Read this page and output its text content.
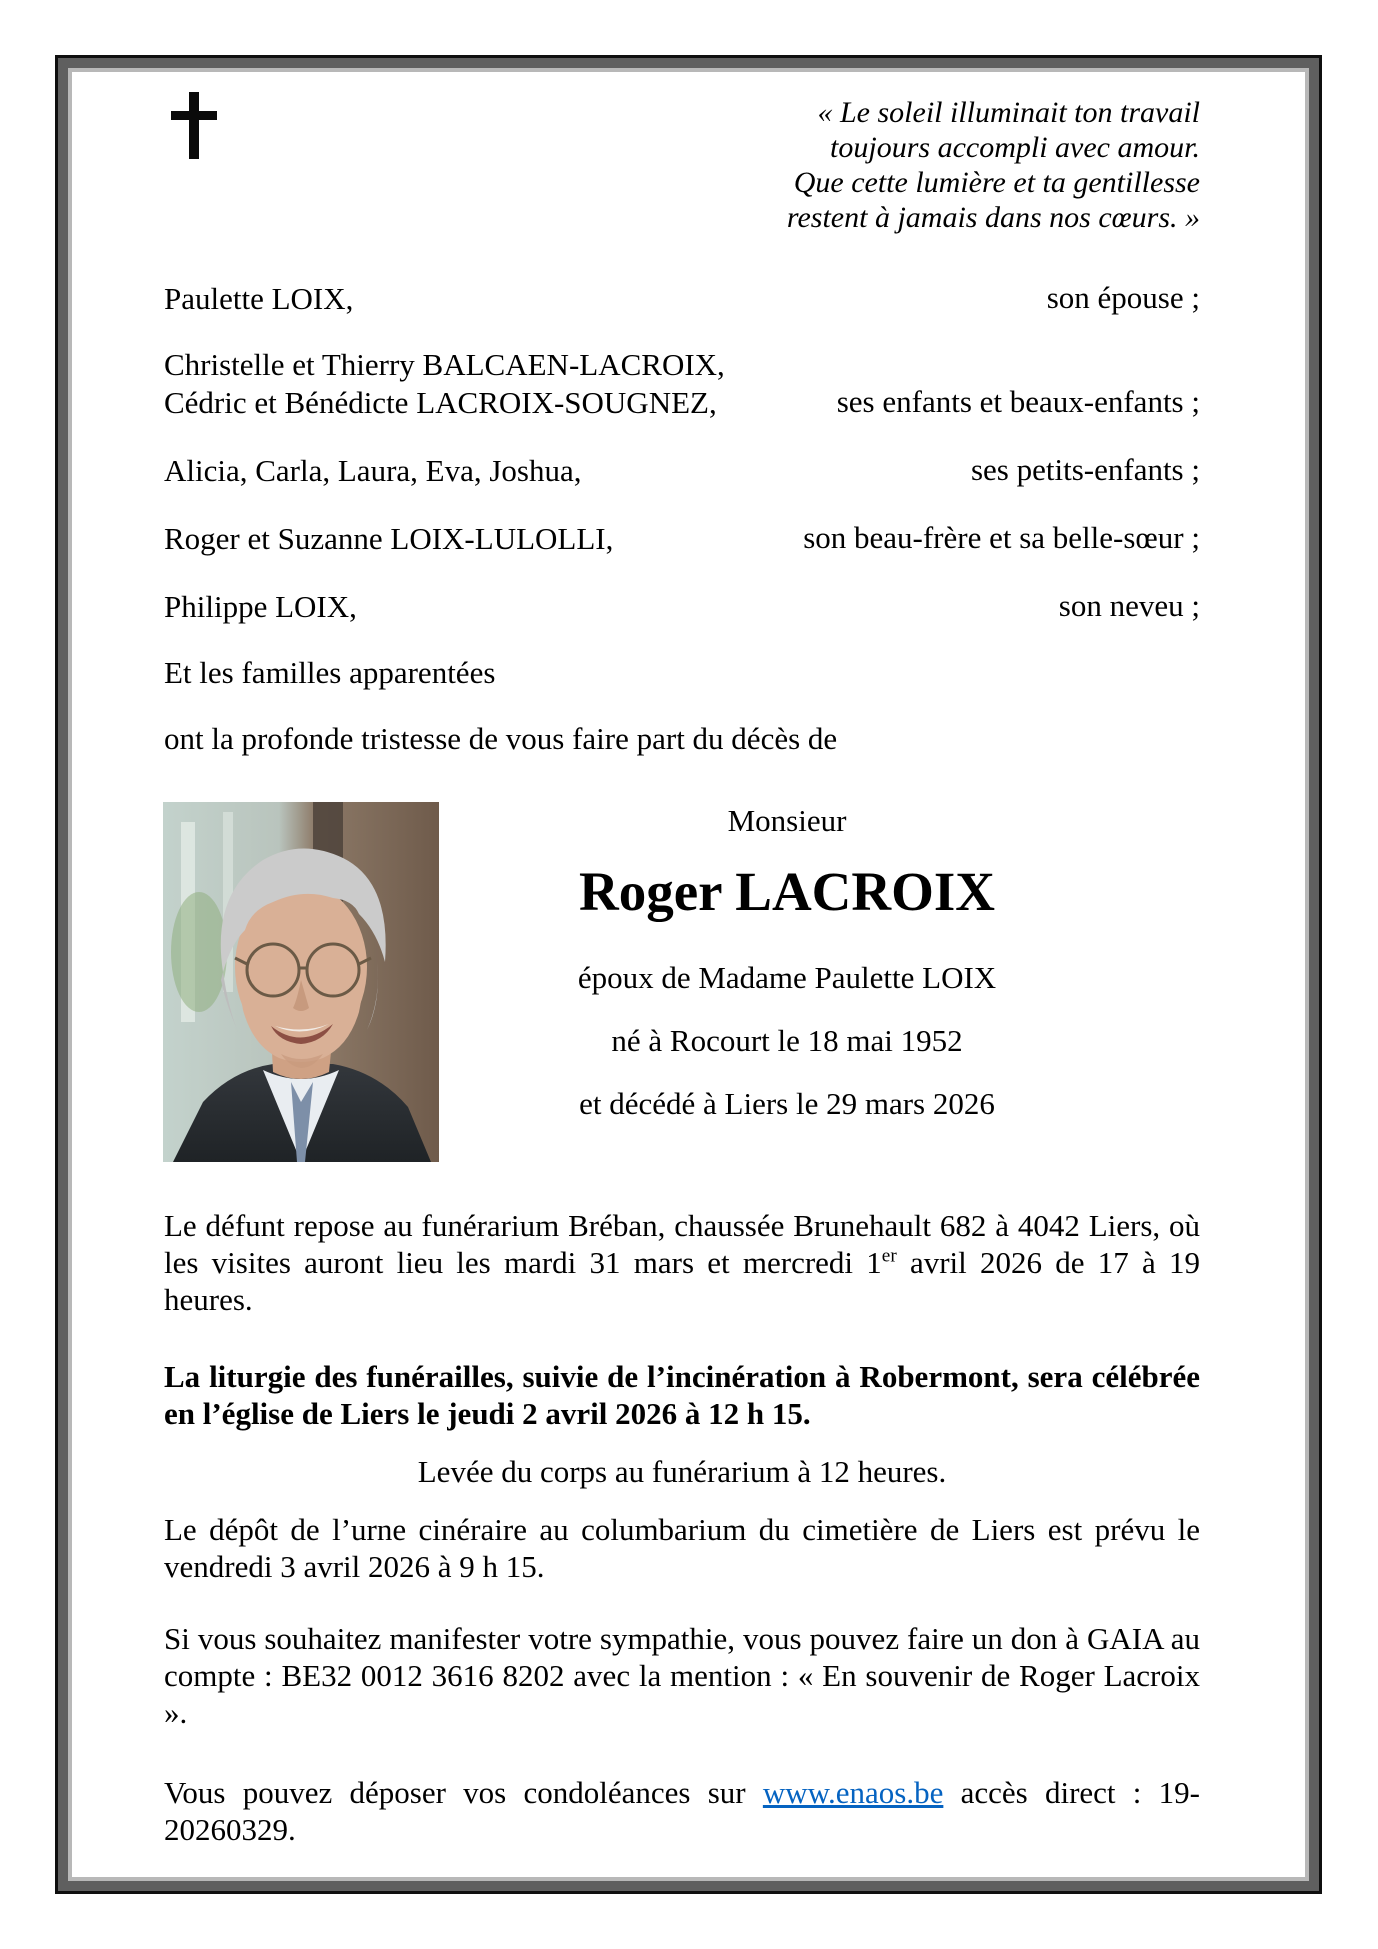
« Le soleil illuminait ton travail
toujours accompli avec amour.
Que cette lumière et ta gentillesse
restent à jamais dans nos cœurs. »
Paulette LOIX,	son épouse ;
Christelle et Thierry BALCAEN-LACROIX,
Cédric et Bénédicte LACROIX-SOUGNEZ,	ses enfants et beaux-enfants ;
Alicia, Carla, Laura, Eva, Joshua,	ses petits-enfants ;
Roger et Suzanne LOIX-LULOLLI,	son beau-frère et sa belle-sœur ;
Philippe LOIX,	son neveu ;
Et les familles apparentées
ont la profonde tristesse de vous faire part du décès de

Monsieur

Roger LACROIX

époux de Madame Paulette LOIX

né à Rocourt le 18 mai 1952

et décédé à Liers le 29 mars 2026

Le défunt repose au funérarium Bréban, chaussée Brunehault 682 à 4042 Liers, où les visites auront lieu les mardi 31 mars et mercredi 1er avril 2026 de 17 à 19 heures.

La liturgie des funérailles, suivie de l’incinération à Robermont, sera célébrée en l’église de Liers le jeudi 2 avril 2026 à 12 h 15.

Levée du corps au funérarium à 12 heures.

Le dépôt de l’urne cinéraire au columbarium du cimetière de Liers est prévu le vendredi 3 avril 2026 à 9 h 15.

Si vous souhaitez manifester votre sympathie, vous pouvez faire un don à GAIA au compte : BE32 0012 3616 8202 avec la mention : « En souvenir de Roger Lacroix ».

Vous pouvez déposer vos condoléances sur www.enaos.be accès direct : 19-20260329.
